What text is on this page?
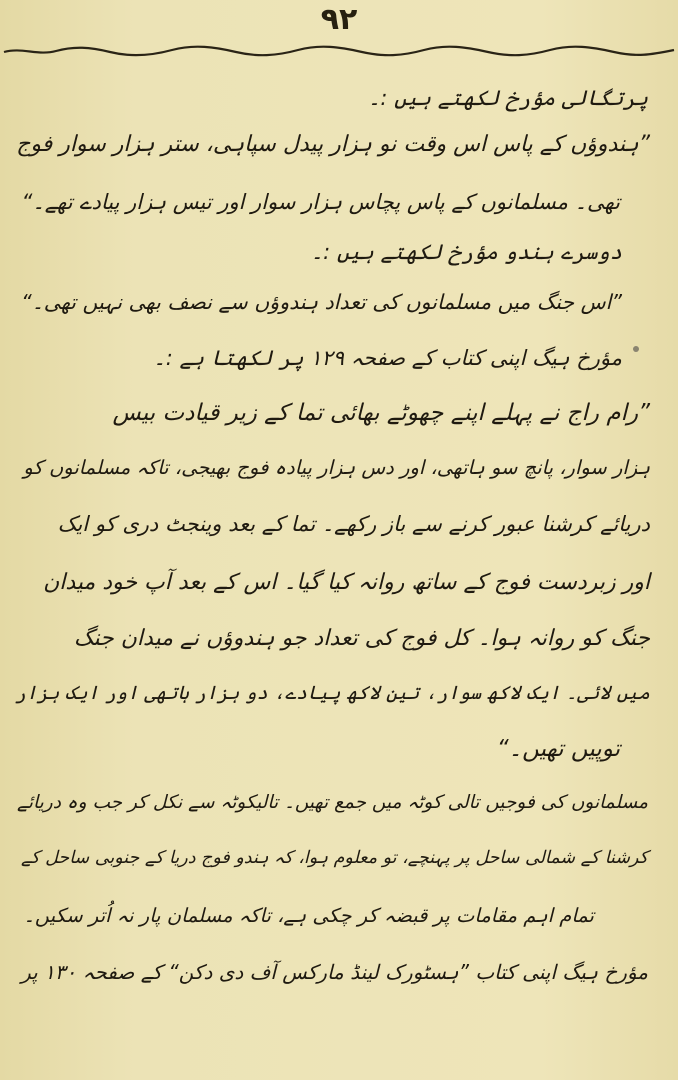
۹۲
پرتگالی مؤرخ لکھتے ہیں :۔
”ہندوؤں کے پاس اس وقت نو ہزار پیدل سپاہی، ستر ہزار سوار فوج
تھی۔ مسلمانوں کے پاس پچاس ہزار سوار اور تیس ہزار پیادے تھے۔“
دوسرے ہندو مؤرخ لکھتے ہیں :۔
”اس جنگ میں مسلمانوں کی تعداد ہندوؤں سے نصف بھی نہیں تھی۔“
مؤرخ ہیگ اپنی کتاب کے صفحہ ۱۲۹ پر لکھتا ہے :۔
”رام راج نے پہلے اپنے چھوٹے بھائی تما کے زیر قیادت بیس
ہزار سوار، پانچ سو ہاتھی، اور دس ہزار پیادہ فوج بھیجی، تاکہ مسلمانوں کو
دریائے کرشنا عبور کرنے سے باز رکھے۔ تما کے بعد وینجٹ دری کو ایک
اور زبردست فوج کے ساتھ روانہ کیا گیا۔ اس کے بعد آپ خود میدان
جنگ کو روانہ ہوا۔ کل فوج کی تعداد جو ہندوؤں نے میدان جنگ
میں لائی۔ ایک لاکھ سوار، تین لاکھ پیادے، دو ہزار ہاتھی اور ایک ہزار
توپیں تھیں۔“
مسلمانوں کی فوجیں تالی کوٹہ میں جمع تھیں۔ تالیکوٹہ سے نکل کر جب وہ دریائے
کرشنا کے شمالی ساحل پر پہنچے، تو معلوم ہوا، کہ ہندو فوج دریا کے جنوبی ساحل کے
تمام اہم مقامات پر قبضہ کر چکی ہے، تاکہ مسلمان پار نہ اُتر سکیں۔
مؤرخ ہیگ اپنی کتاب ”ہسٹورک لینڈ مارکس آف دی دکن“ کے صفحہ ۱۳۰ پر
